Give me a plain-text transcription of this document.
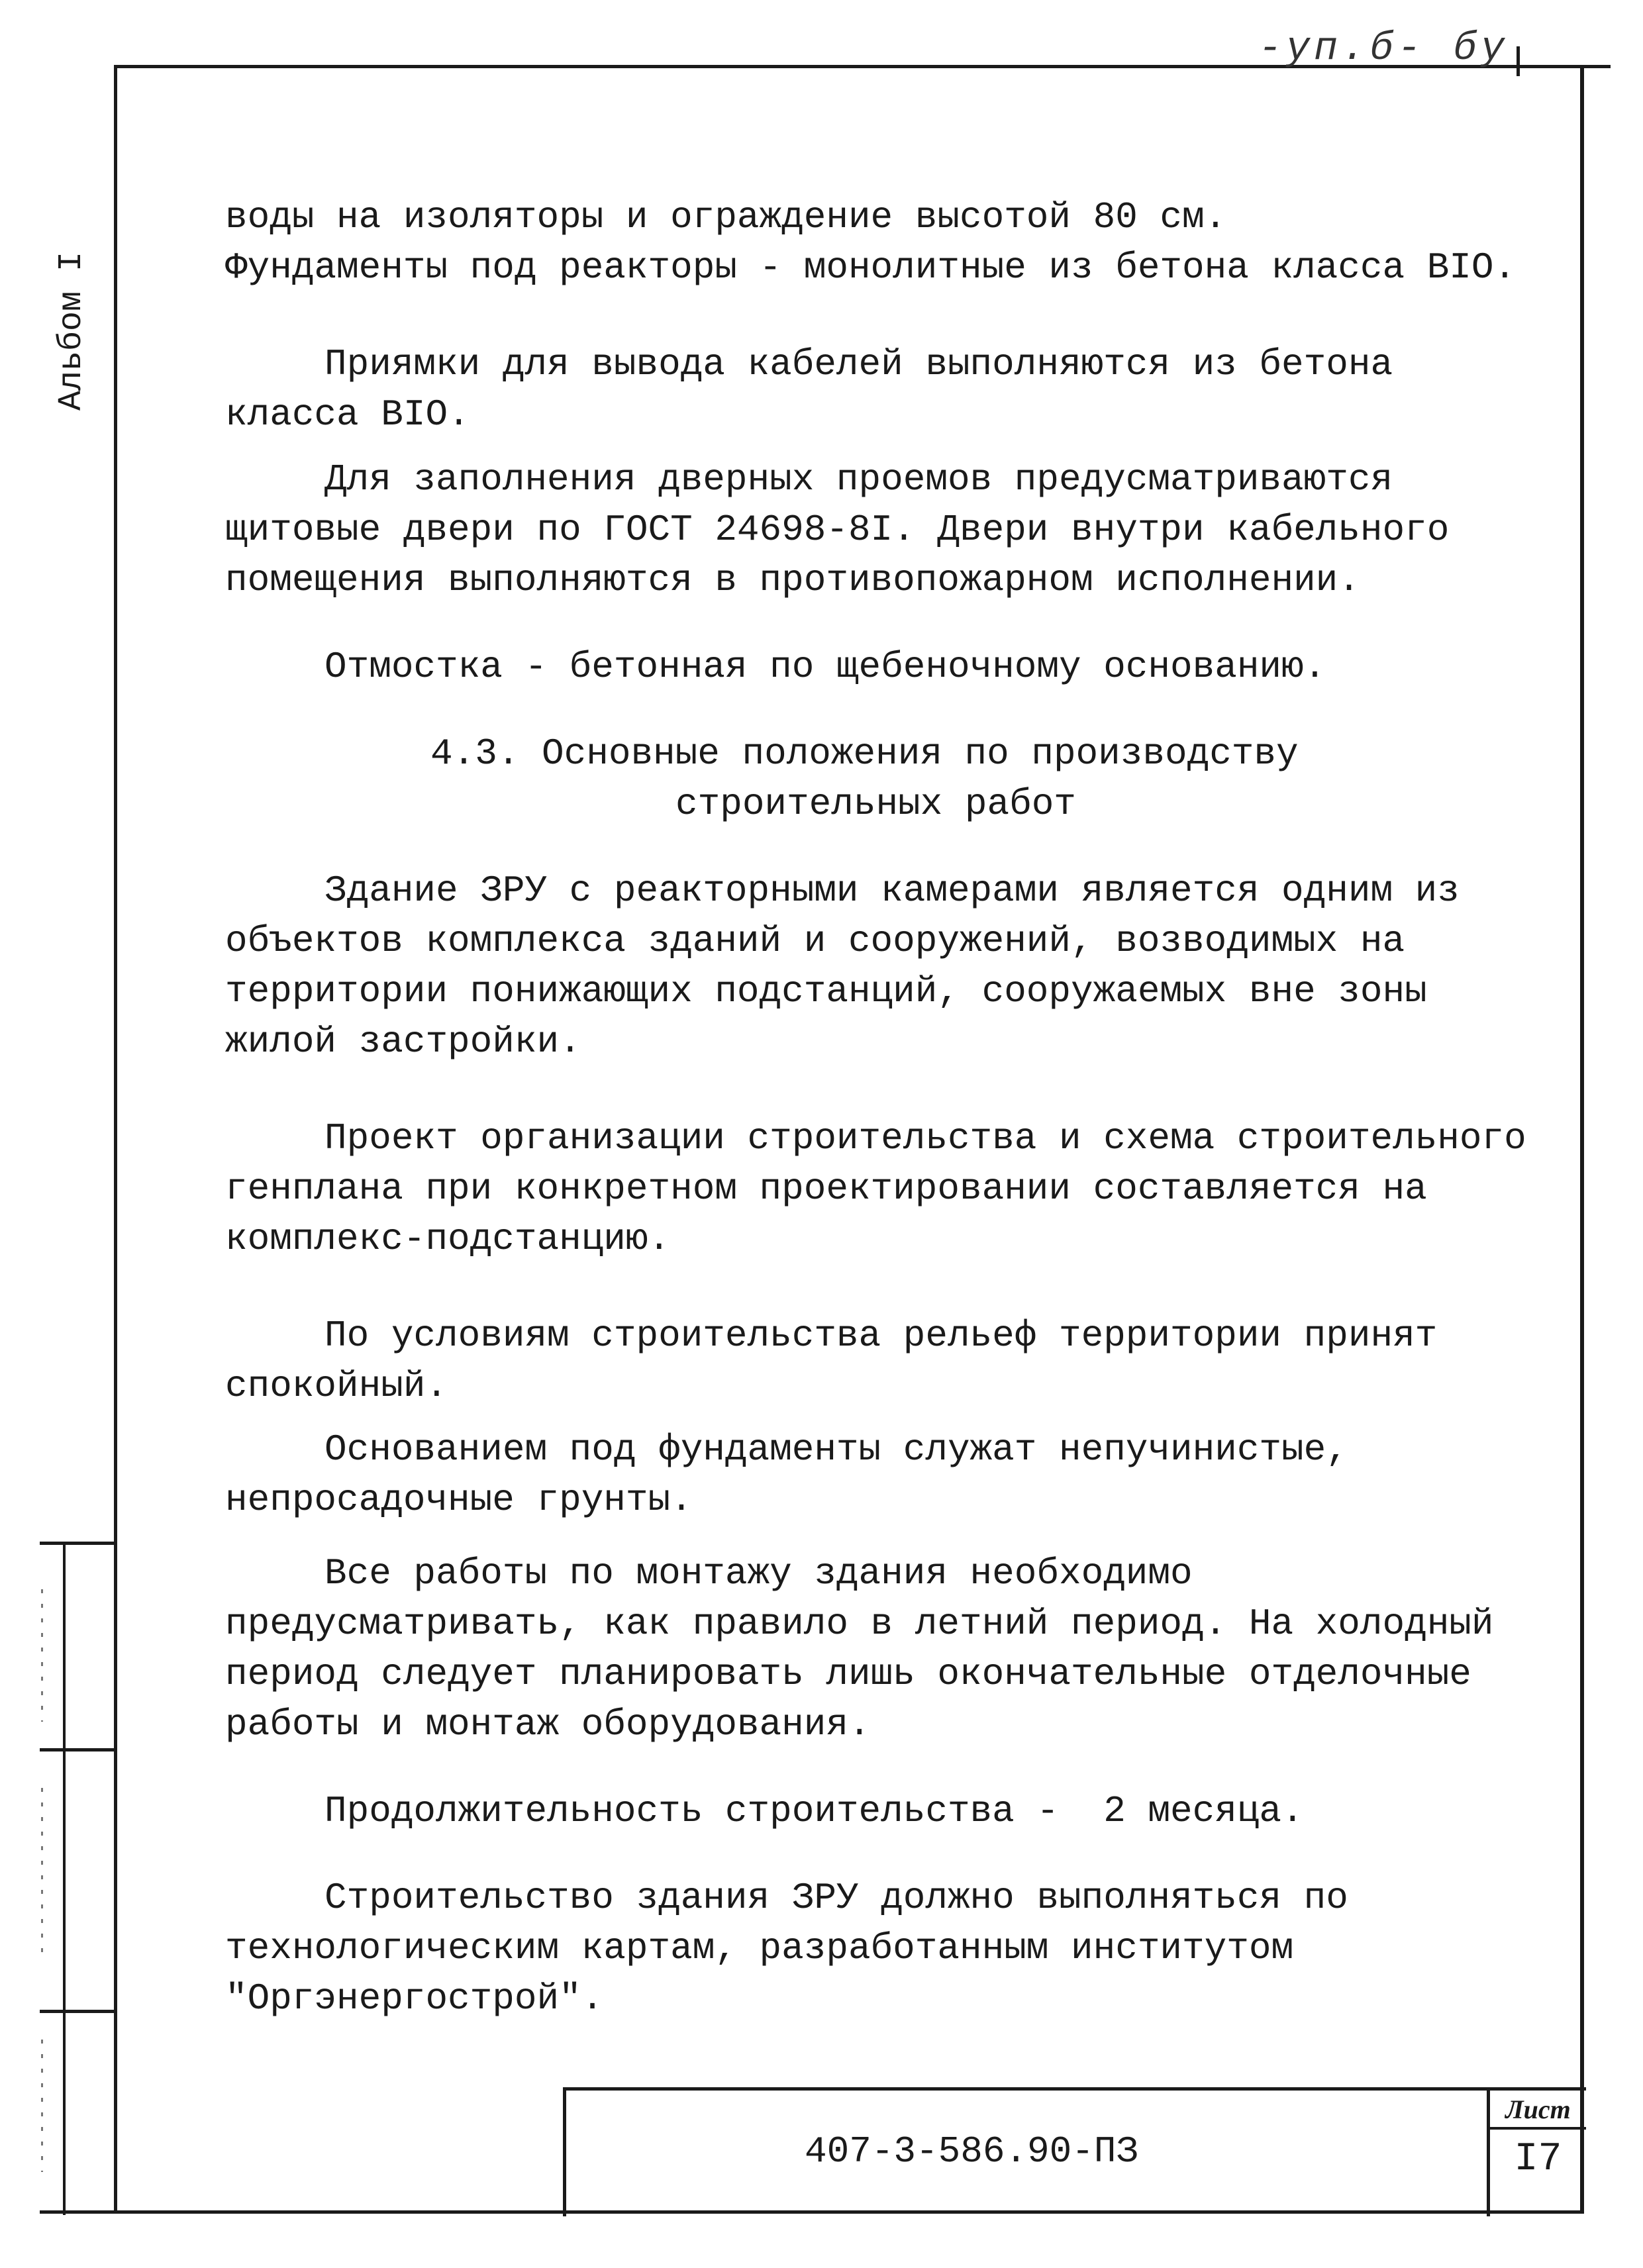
-уп.б- бу
Альбом I

воды на изоляторы и ограждение высотой 80 см.
Фундаменты под реакторы - монолитные из бетона класса BIO.

Приямки для вывода кабелей выполняются из бетона класса BIO.

Для заполнения дверных проемов предусматриваются щитовые двери по ГОСТ 24698-8I. Двери внутри кабельного помещения выполняются в противопожарном исполнении.

Отмостка - бетонная по щебеночному основанию.

4.3. Основные положения по производству

строительных работ

Здание ЗРУ с реакторными камерами является одним из объектов комплекса зданий и сооружений, возводимых на территории понижающих подстанций, сооружаемых вне зоны жилой застройки.

Проект организации строительства и схема строительного генплана при конкретном проектировании составляется на комплекс-подстанцию.

По условиям строительства рельеф территории принят спокойный.

Основанием под фундаменты служат непучинистые, непросадочные грунты.

Все работы по монтажу здания необходимо предусматривать, как правило в летний период. На холодный период следует планировать лишь окончательные отделочные работы и монтаж оборудования.

Продолжительность строительства -  2 месяца.

Строительство здания ЗРУ должно выполняться по технологическим картам, разработанным институтом "Оргэнергострой".

407-3-586.90-ПЗ
Лист
I7
